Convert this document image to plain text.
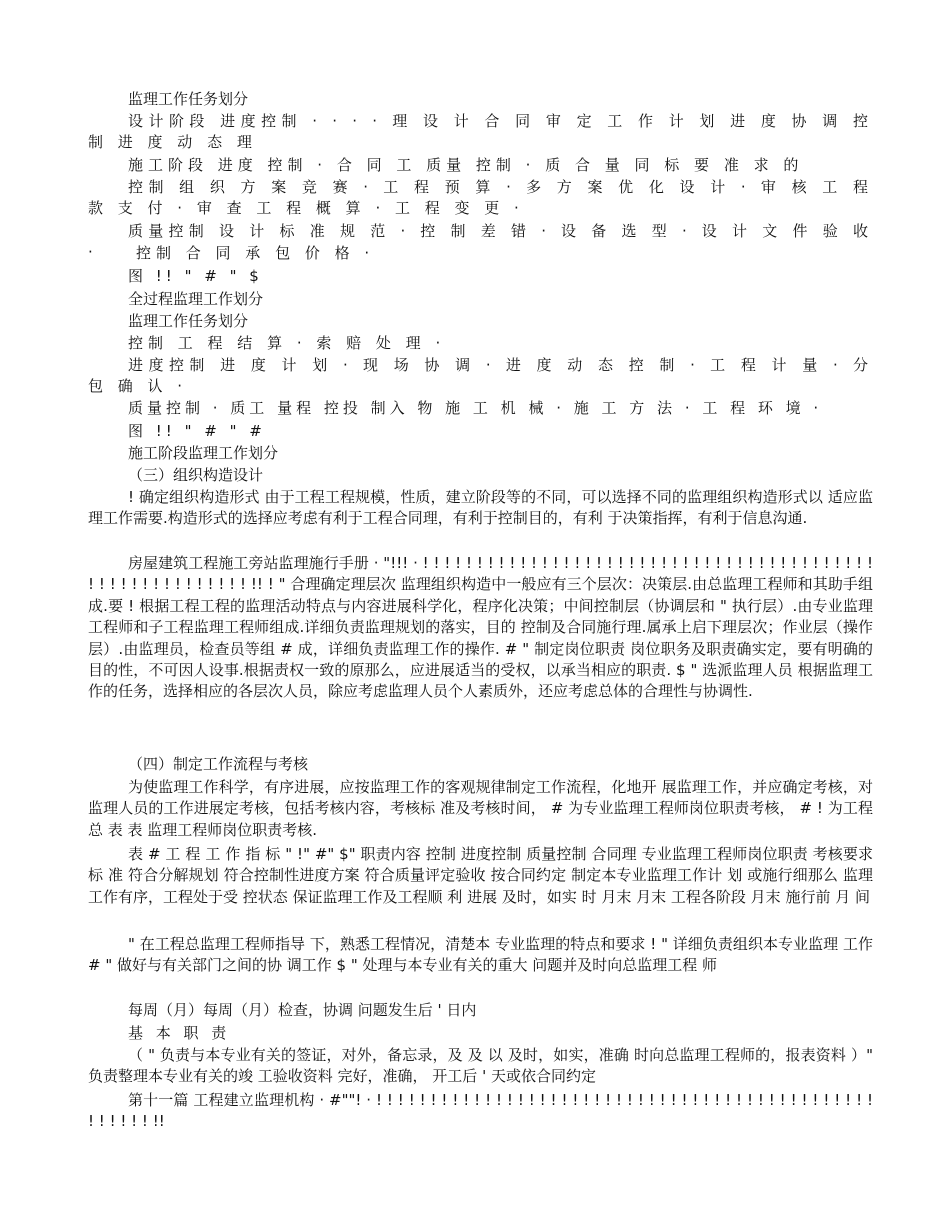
监理工作任务划分

设计阶段 进度控制 · · · · 理 设 计 合 同 审 定 工 作 计 划 进 度 协 调 控 制 进 度 动 态 理

施工阶段 进度 控制 · 合 同 工 质量 控制 · 质 合 量 同 标 要 准 求 的

控制 组 织 方 案 竞 赛 · 工 程 预 算 · 多 方 案 优 化 设 计 · 审 核 工 程 款 支 付 · 审 查 工 程 概 算 · 工 程 变 更 ·

质量控制 设 计 标 准 规 范 · 控 制 差 错 · 设 备 选 型 · 设 计 文 件 验 收 ·	控制 合 同 承 包 价 格 ·

图 !! " # " $

全过程监理工作划分

监理工作任务划分

控制 工 程 结 算 · 索 赔 处 理 ·

进度控制 进 度 计 划 · 现 场 协 调 · 进 度 动 态 控 制 · 工 程 计 量 · 分 包 确 认 ·

质量控制 · 质工 量程 控投 制入 物 施 工 机 械 · 施 工 方 法 · 工 程 环 境 ·

图 !! " # " #

施工阶段监理工作划分

（三）组织构造设计

! 确定组织构造形式 由于工程工程规模，性质，建立阶段等的不同，可以选择不同的监理组织构造形式以 适应监理工作需要.构造形式的选择应考虑有利于工程合同理，有利于控制目的，有利 于决策指挥，有利于信息沟通.

房屋建筑工程施工旁站监理施行手册 · "!!! · ! ! ! ! ! ! ! ! ! ! ! ! ! ! ! ! ! ! ! ! ! ! ! ! ! ! ! ! ! ! ! ! ! ! ! ! ! ! ! ! ! ! ! ! ! ! ! ! ! ! ! ! ! ! ! ! ! !! ! " 合理确定理层次 监理组织构造中一般应有三个层次：决策层.由总监理工程师和其助手组成.要 ! 根据工程工程的监理活动特点与内容进展科学化，程序化决策；中间控制层（协调层和 " 执行层）.由专业监理工程师和子工程监理工程师组成.详细负责监理规划的落实，目的 控制及合同施行理.属承上启下理层次；作业层（操作层）.由监理员，检查员等组 # 成，详细负责监理工作的操作. # " 制定岗位职责 岗位职务及职责确实定，要有明确的目的性，不可因人设事.根据责权一致的原那么，应进展适当的受权，以承当相应的职责. $ " 选派监理人员 根据监理工作的任务，选择相应的各层次人员，除应考虑监理人员个人素质外，还应考虑总体的合理性与协调性.

（四）制定工作流程与考核

为使监理工作科学，有序进展，应按监理工作的客观规律制定工作流程，化地开 展监理工作，并应确定考核，对监理人员的工作进展定考核，包括考核内容，考核标 准及考核时间， # 为专业监理工程师岗位职责考核， # ! 为工程总 表 表 监理工程师岗位职责考核.

表 # 工 程 工 作 指 标 " !" #" $" 职责内容 控制 进度控制 质量控制 合同理 专业监理工程师岗位职责 考核要求 标 准 符合分解规划 符合控制性进度方案 符合质量评定验收 按合同约定 制定本专业监理工作计 划 或施行细那么 监理工作有序，工程处于受 控状态 保证监理工作及工程顺 利 进展 及时，如实 时 月末 月末 工程各阶段 月末 施行前 月 间

" 在工程总监理工程师指导 下，熟悉工程情况，清楚本 专业监理的特点和要求 ! " 详细负责组织本专业监理 工作 # " 做好与有关部门之间的协 调工作 $ " 处理与本专业有关的重大 问题并及时向总监理工程 师

每周（月）每周（月）检查，协调 问题发生后 ' 日内

基 本 职 责

（ " 负责与本专业有关的签证，对外，备忘录，及 及 以 及时，如实，准确 时向总监理工程师的，报表资料 ）" 负责整理本专业有关的竣 工验收资料 完好，准确， 开工后 ' 天或依合同约定

第十一篇 工程建立监理机构 · #""! · ! ! ! ! ! ! ! ! ! ! ! ! ! ! ! ! ! ! ! ! ! ! ! ! ! ! ! ! ! ! ! ! ! ! ! ! ! ! ! ! ! ! ! ! ! ! ! ! ! ! ! ! !!
